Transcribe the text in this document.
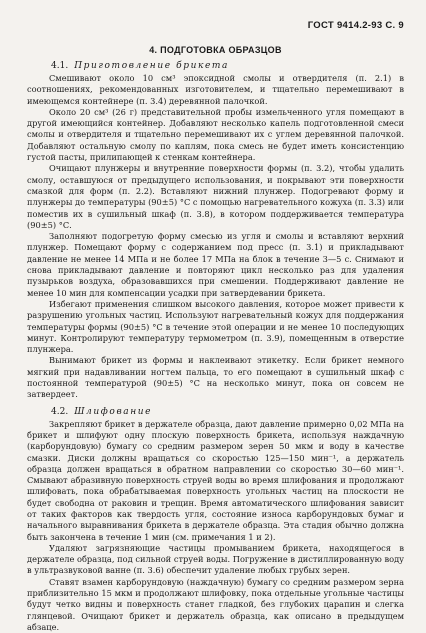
ГОСТ 9414.2-93 С. 9
4. ПОДГОТОВКА ОБРАЗЦОВ
4.1. Приготовление брикета

Смешивают около 10 см³ эпоксидной смолы и отвердителя (п. 2.1) в соотношениях, рекомендованных изготовителем, и тщательно перемешивают в имеющемся контейнере (п. 3.4) деревянной палочкой.

Около 20 см³ (26 г) представительной пробы измельченного угля помещают в другой имеющийся контейнер. Добавляют несколько капель подготовленной смеси смолы и отвердителя и тщательно перемешивают их с углем деревянной палочкой. Добавляют остальную смолу по каплям, пока смесь не будет иметь консистенцию густой пасты, прилипающей к стенкам контейнера.

Очищают плунжеры и внутренние поверхности формы (п. 3.2), чтобы удалить смолу, оставшуюся от предыдущего использования, и покрывают эти поверхности смазкой для форм (п. 2.2). Вставляют нижний плунжер. Подогревают форму и плунжеры до температуры (90±5) °С с помощью нагревательного кожуха (п. 3.3) или поместив их в сушильный шкаф (п. 3.8), в котором поддерживается температура (90±5) °С.

Заполняют подогретую форму смесью из угля и смолы и вставляют верхний плунжер. Помещают форму с содержанием под пресс (п. 3.1) и прикладывают давление не менее 14 МПа и не более 17 МПа на блок в течение 3—5 с. Снимают и снова прикладывают давление и повторяют цикл несколько раз для удаления пузырьков воздуха, образовавшихся при смешении. Поддерживают давление не менее 10 мин для компенсации усадки при затвердевании брикета.

Избегают применения слишком высокого давления, которое может привести к разрушению угольных частиц. Используют нагревательный кожух для поддержания температуры формы (90±5) °С в течение этой операции и не менее 10 последующих минут. Контролируют температуру термометром (п. 3.9), помещенным в отверстие плунжера.

Вынимают брикет из формы и наклеивают этикетку. Если брикет немного мягкий при надавливании ногтем пальца, то его помещают в сушильный шкаф с постоянной температурой (90±5) °С на несколько минут, пока он совсем не затвердеет.

4.2. Шлифование

Закрепляют брикет в держателе образца, дают давление примерно 0,02 МПа на брикет и шлифуют одну плоскую поверхность брикета, используя наждачную (карборундовую) бумагу со средним размером зерен 50 мкм и воду в качестве смазки. Диски должны вращаться со скоростью 125—150 мин⁻¹, а держатель образца должен вращаться в обратном направлении со скоростью 30—60 мин⁻¹. Смывают абразивную поверхность струей воды во время шлифования и продолжают шлифовать, пока обрабатываемая поверхность угольных частиц на плоскости не будет свободна от раковин и трещин. Время автоматического шлифования зависит от таких факторов как твердость угля, состояние износа карборундовых бумаг и начального выравнивания брикета в держателе образца. Эта стадия обычно должна быть закончена в течение 1 мин (см. примечания 1 и 2).

Удаляют загрязняющие частицы промыванием брикета, находящегося в держателе образца, под сильной струей воды. Погружение в дистиллированную воду в ультразвуковой ванне (п. 3.6) обеспечит удаление любых грубых зерен.

Ставят взамен карборундовую (наждачную) бумагу со средним размером зерна приблизительно 15 мкм и продолжают шлифовку, пока отдельные угольные частицы будут четко видны и поверхность станет гладкой, без глубоких царапин и слегка глянцевой. Очищают брикет и держатель образца, как описано в предыдущем абзаце.
